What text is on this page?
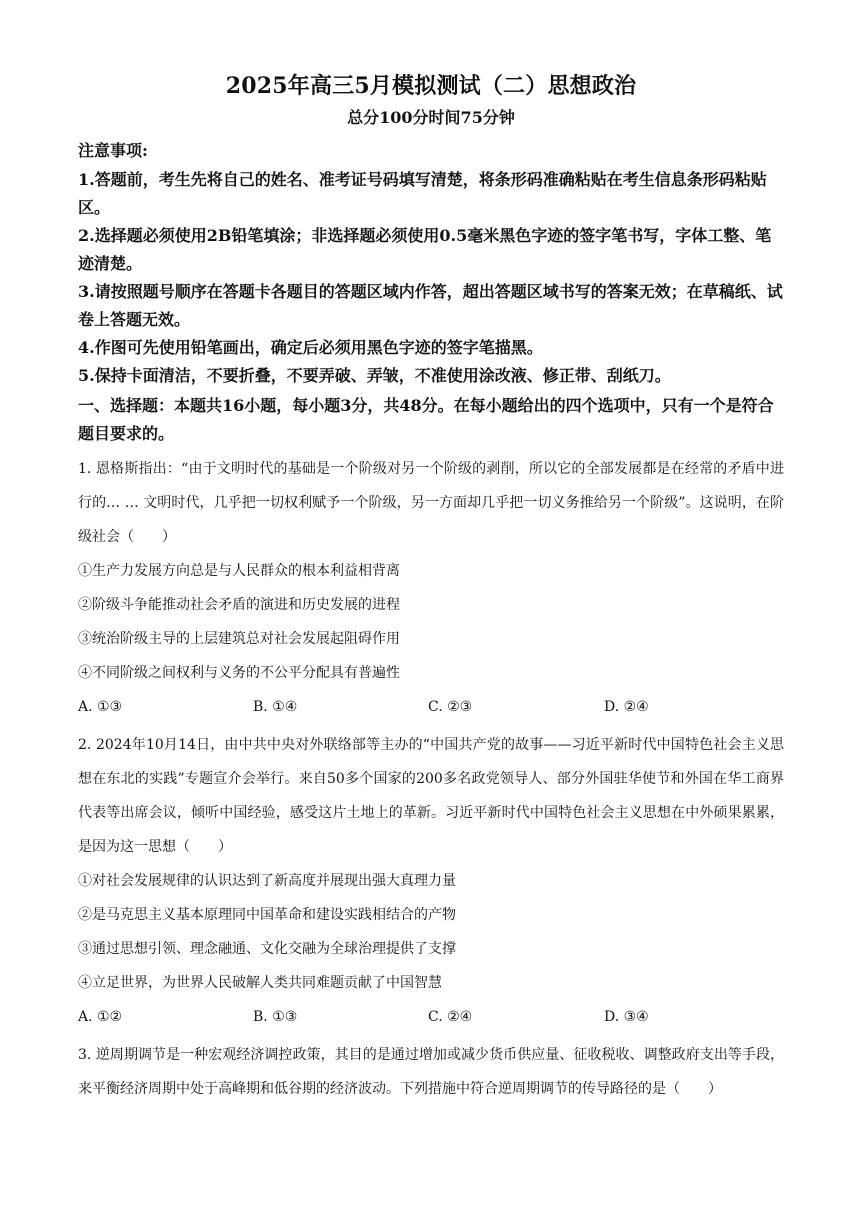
2025年高三5月模拟测试（二）思想政治
总分100分时间75分钟

注意事项:

1.答题前，考生先将自己的姓名、准考证号码填写清楚，将条形码准确粘贴在考生信息条形码粘贴区。

2.选择题必须使用2B铅笔填涂；非选择题必须使用0.5毫米黑色字迹的签字笔书写，字体工整、笔迹清楚。

3.请按照题号顺序在答题卡各题目的答题区域内作答，超出答题区域书写的答案无效；在草稿纸、试卷上答题无效。

4.作图可先使用铅笔画出，确定后必须用黑色字迹的签字笔描黑。

5.保持卡面清洁，不要折叠，不要弄破、弄皱，不准使用涂改液、修正带、刮纸刀。

一、选择题：本题共16小题，每小题3分，共48分。在每小题给出的四个选项中，只有一个是符合题目要求的。

1. 恩格斯指出：“由于文明时代的基础是一个阶级对另一个阶级的剥削，所以它的全部发展都是在经常的矛盾中进行的… … 文明时代，几乎把一切权利赋予一个阶级，另一方面却几乎把一切义务推给另一个阶级”。这说明，在阶级社会（　　）

①生产力发展方向总是与人民群众的根本利益相背离

②阶级斗争能推动社会矛盾的演进和历史发展的进程

③统治阶级主导的上层建筑总对社会发展起阻碍作用

④不同阶级之间权利与义务的不公平分配具有普遍性

A. ①③	B. ①④	C. ②③	D. ②④

2. 2024年10月14日，由中共中央对外联络部等主办的“中国共产党的故事——习近平新时代中国特色社会主义思想在东北的实践”专题宣介会举行。来自50多个国家的200多名政党领导人、部分外国驻华使节和外国在华工商界代表等出席会议，倾听中国经验，感受这片土地上的革新。习近平新时代中国特色社会主义思想在中外硕果累累，是因为这一思想（　　）

①对社会发展规律的认识达到了新高度并展现出强大真理力量

②是马克思主义基本原理同中国革命和建设实践相结合的产物

③通过思想引领、理念融通、文化交融为全球治理提供了支撑

④立足世界，为世界人民破解人类共同难题贡献了中国智慧

A. ①②	B. ①③	C. ②④	D. ③④

3. 逆周期调节是一种宏观经济调控政策，其目的是通过增加或减少货币供应量、征收税收、调整政府支出等手段，来平衡经济周期中处于高峰期和低谷期的经济波动。下列措施中符合逆周期调节的传导路径的是（　　）
